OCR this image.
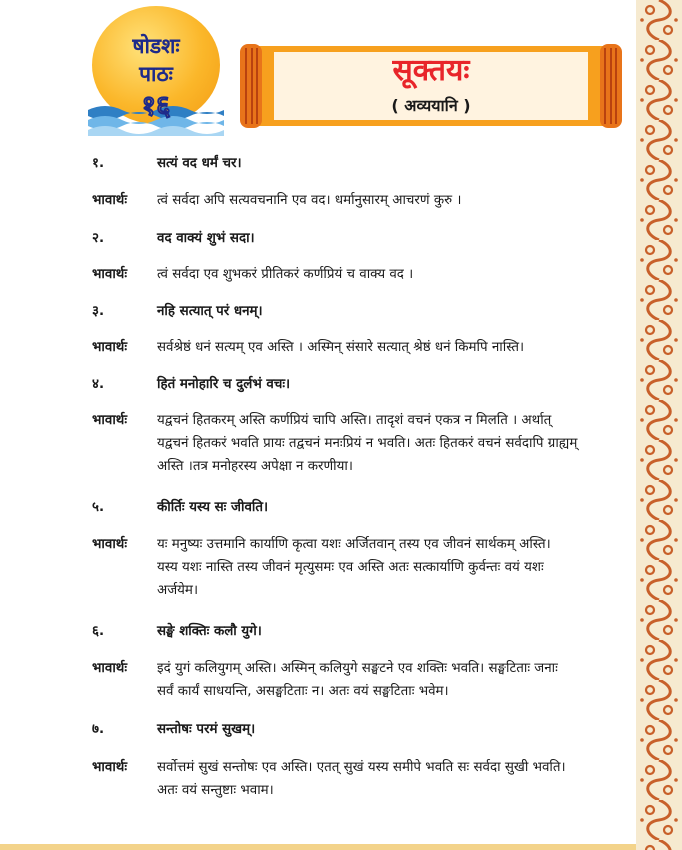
षोडशः
पाठः
१६
सूक्तयः
( अव्ययानि )
१.	सत्यं वद धर्मं चर।
भावार्थः त्वं सर्वदा अपि सत्यवचनानि एव वद। धर्मानुसारम् आचरणं कुरु ।
२.	वद वाक्यं शुभं सदा।
भावार्थः त्वं सर्वदा एव शुभकरं प्रीतिकरं कर्णप्रियं च वाक्य वद ।
३.	नहि सत्यात् परं धनम्।
भावार्थः सर्वश्रेष्ठं धनं सत्यम् एव अस्ति । अस्मिन् संसारे सत्यात् श्रेष्ठं धनं किमपि नास्ति।
४.	हितं मनोहारि च दुर्लभं वचः।
भावार्थः यद्वचनं हितकरम् अस्ति कर्णप्रियं चापि अस्ति। तादृशं वचनं एकत्र न मिलति । अर्थात्
यद्वचनं हितकरं भवति प्रायः तद्वचनं मनःप्रियं न भवति। अतः हितकरं वचनं सर्वदापि ग्राह्यम्
अस्ति ।तत्र मनोहरस्य अपेक्षा न करणीया।
५.	कीर्तिः यस्य सः जीवति।
भावार्थः यः मनुष्यः उत्तमानि कार्याणि कृत्वा यशः अर्जितवान् तस्य एव जीवनं सार्थकम् अस्ति।
यस्य यशः नास्ति तस्य जीवनं मृत्युसमः एव अस्ति अतः सत्कार्याणि कुर्वन्तः वयं यशः
अर्जयेम।
६.	सङ्घे शक्तिः कलौ युगे।
भावार्थः इदं युगं कलियुगम् अस्ति। अस्मिन् कलियुगे सङ्घटने एव शक्तिः भवति। सङ्घटिताः जनाः
सर्वं कार्यं साधयन्ति, असङ्घटिताः न। अतः वयं सङ्घटिताः भवेम।
७.	सन्तोषः परमं सुखम्।
भावार्थः सर्वोत्तमं सुखं सन्तोषः एव अस्ति। एतत् सुखं यस्य समीपे भवति सः सर्वदा सुखी भवति।
अतः वयं सन्तुष्टाः भवाम।
